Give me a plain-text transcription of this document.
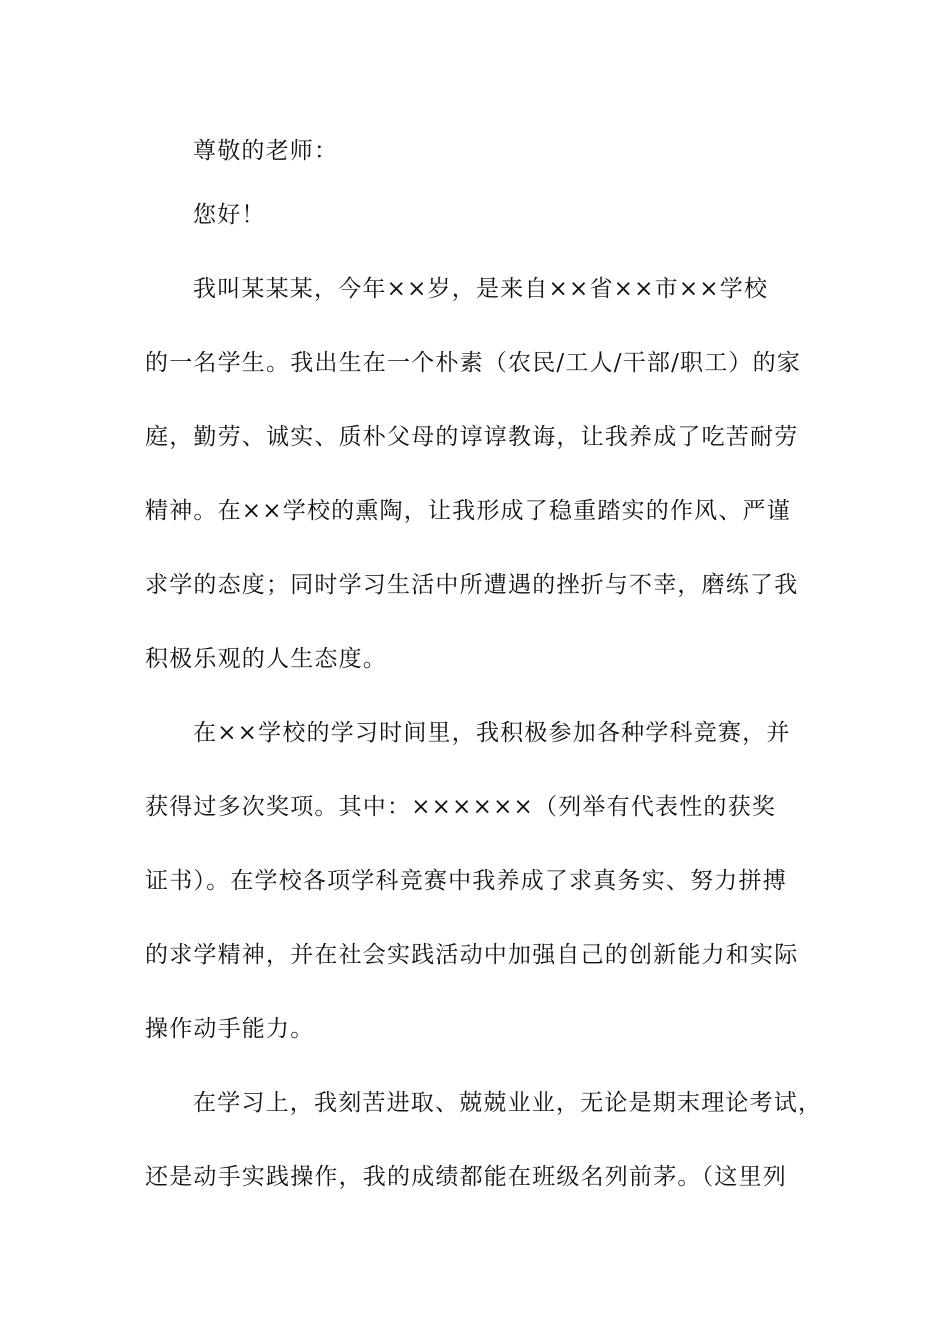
尊敬的老师：
您好！
我叫某某某，今年××岁，是来自××省××市××学校
的一名学生。我出生在一个朴素（农民/工人/干部/职工）的家
庭，勤劳、诚实、质朴父母的谆谆教诲，让我养成了吃苦耐劳
精神。在××学校的熏陶，让我形成了稳重踏实的作风、严谨
求学的态度；同时学习生活中所遭遇的挫折与不幸，磨练了我
积极乐观的人生态度。
在××学校的学习时间里，我积极参加各种学科竞赛，并
获得过多次奖项。其中：××××××（列举有代表性的获奖
证书）。在学校各项学科竞赛中我养成了求真务实、努力拼搏
的求学精神，并在社会实践活动中加强自己的创新能力和实际
操作动手能力。
在学习上，我刻苦进取、兢兢业业，无论是期末理论考试，
还是动手实践操作，我的成绩都能在班级名列前茅。（这里列
